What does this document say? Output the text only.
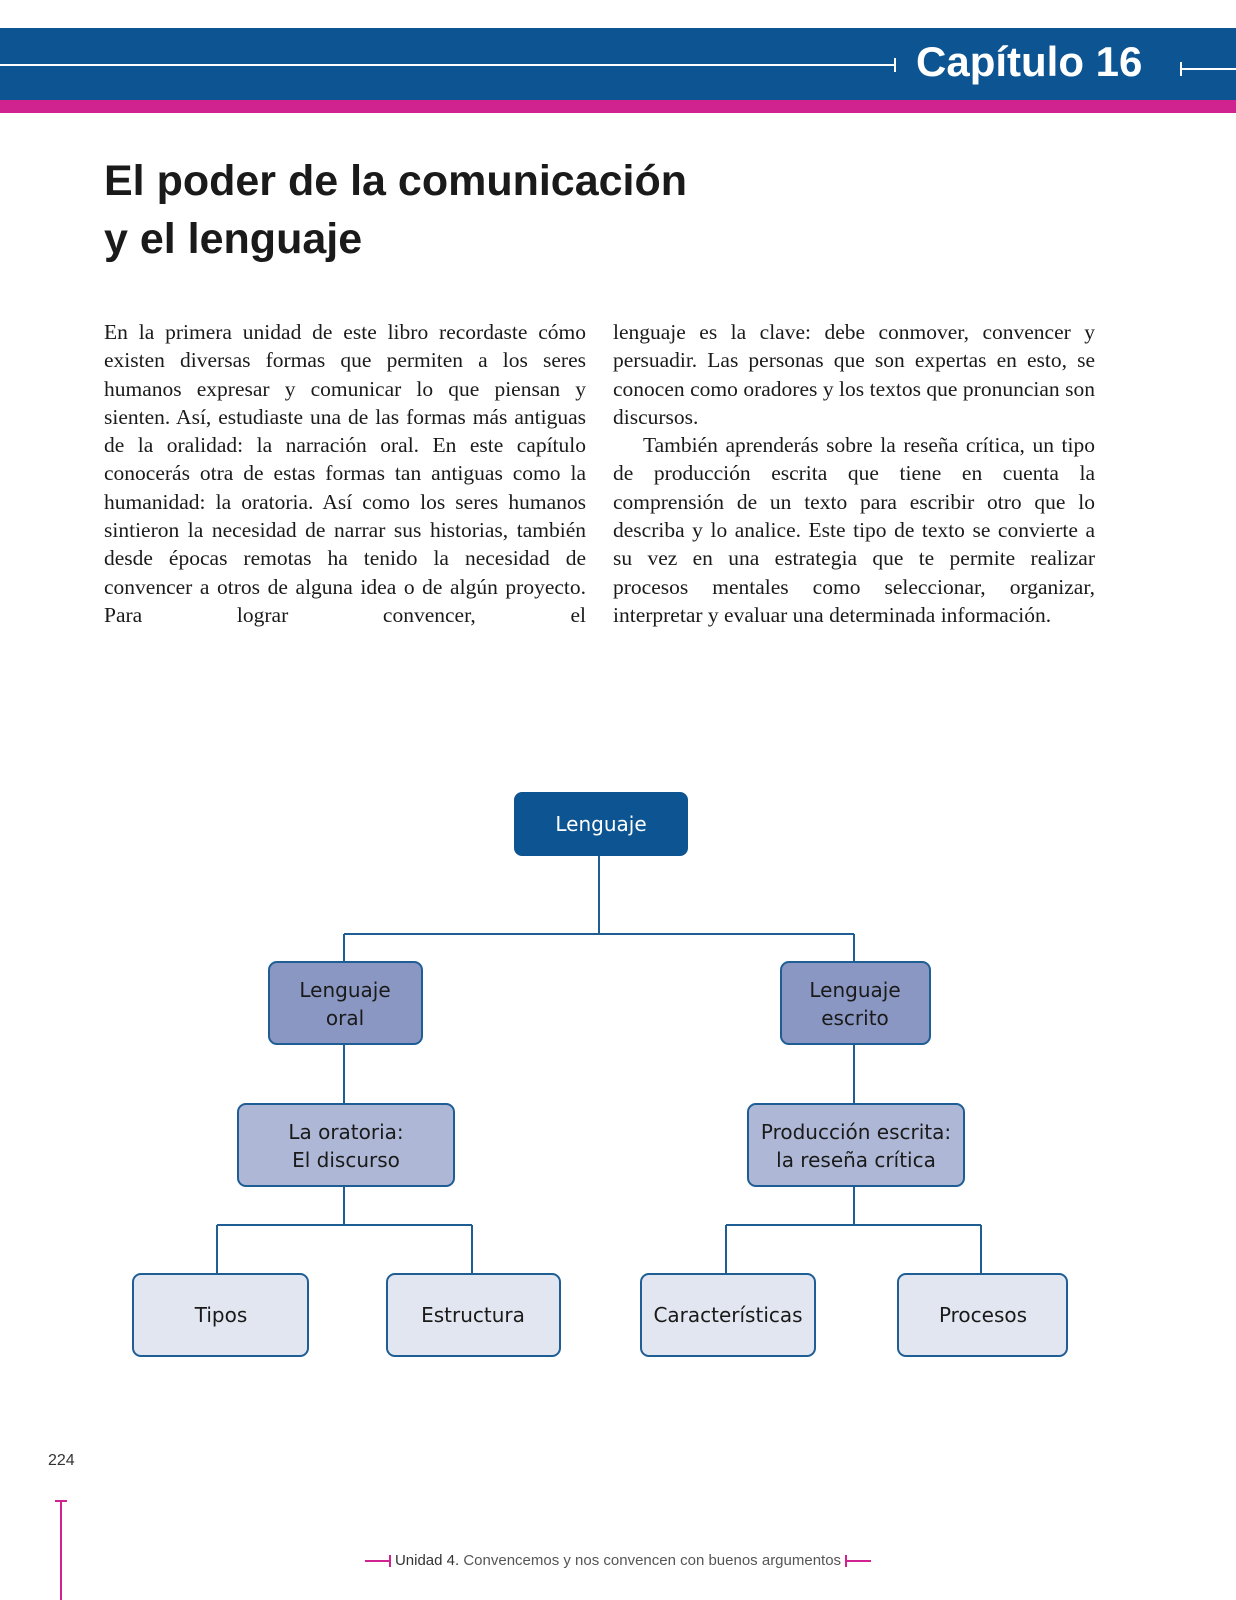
Capítulo 16
El poder de la comunicación
y el lenguaje

En la primera unidad de este libro recordaste cómo existen diversas formas que permiten a los seres humanos expresar y comunicar lo que piensan y sienten. Así, estudiaste una de las formas más antiguas de la oralidad: la narración oral. En este capítulo conocerás otra de estas formas tan antiguas como la humanidad: la oratoria. Así como los seres humanos sintieron la necesidad de narrar sus historias, también desde épocas remotas ha tenido la necesidad de convencer a otros de alguna idea o de algún proyecto. Para lograr convencer, el

lenguaje es la clave: debe conmover, convencer y persuadir. Las personas que son expertas en esto, se conocen como oradores y los textos que pronuncian son discursos.

También aprenderás sobre la reseña crítica, un tipo de producción escrita que tiene en cuenta la comprensión de un texto para escribir otro que lo describa y lo analice. Este tipo de texto se convierte a su vez en una estrategia que te permite realizar procesos mentales como seleccionar, organizar, interpretar y evaluar una determinada información.

Lenguaje
Lenguaje
oral
Lenguaje
escrito
La oratoria:
El discurso
Producción escrita:
la reseña crítica
Tipos	Estructura	Características	Procesos
224
Unidad 4. Convencemos y nos convencen con buenos argumentos
